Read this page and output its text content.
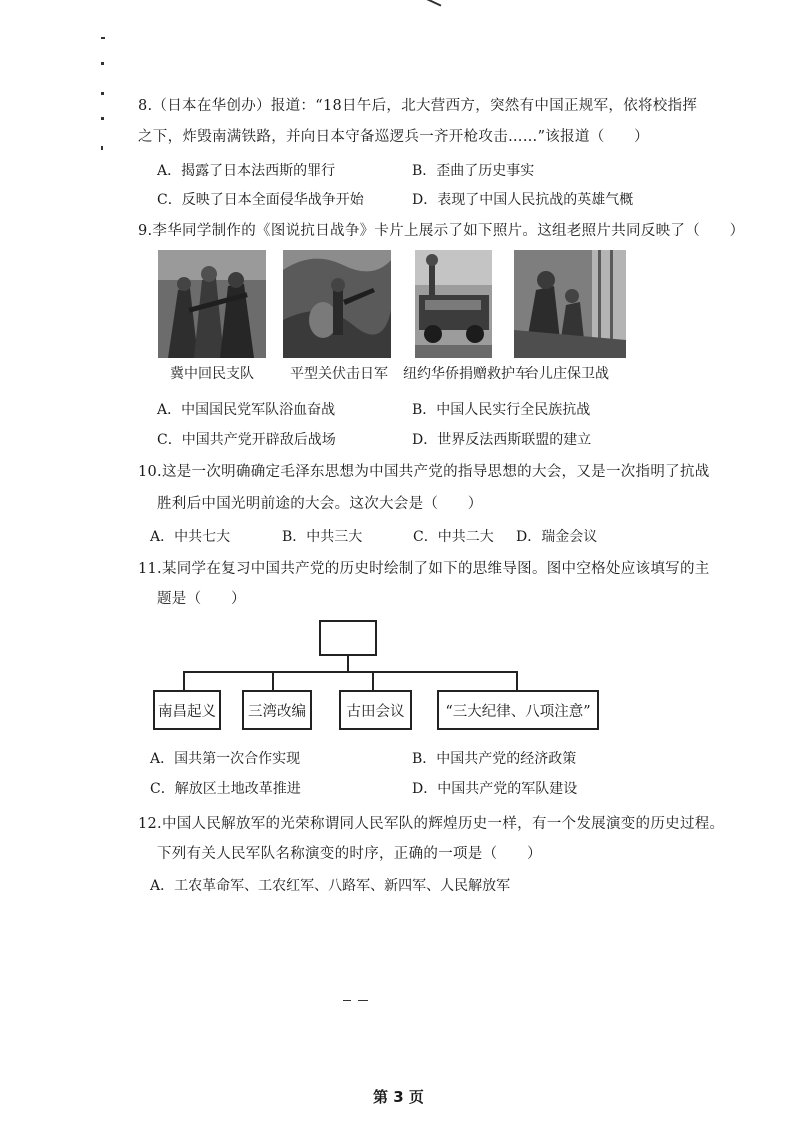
8.（日本在华创办）报道：“18日午后，北大营西方，突然有中国正规军，依将校指挥
之下，炸毁南满铁路，并向日本守备巡逻兵一齐开枪攻击……”该报道（　　）
A．揭露了日本法西斯的罪行	B．歪曲了历史事实
C．反映了日本全面侵华战争开始	D．表现了中国人民抗战的英雄气概
9.李华同学制作的《图说抗日战争》卡片上展示了如下照片。这组老照片共同反映了（　　）
冀中回民支队	平型关伏击日军 纽约华侨捐赠救护车
台儿庄保卫战
A．中国国民党军队浴血奋战	B．中国人民实行全民族抗战
C．中国共产党开辟敌后战场	D．世界反法西斯联盟的建立
10.这是一次明确确定毛泽东思想为中国共产党的指导思想的大会，又是一次指明了抗战
胜利后中国光明前途的大会。这次大会是（　　）
A．中共七大	B．中共三大	C．中共二大 D．瑞金会议
11.某同学在复习中国共产党的历史时绘制了如下的思维导图。图中空格处应该填写的主
题是（　　）
南昌起义	三湾改编	古田会议	“三大纪律、八项注意”
A．国共第一次合作实现	B．中国共产党的经济政策
C．解放区土地改革推进	D．中国共产党的军队建设
12.中国人民解放军的光荣称谓同人民军队的辉煌历史一样，有一个发展演变的历史过程。
下列有关人民军队名称演变的时序，正确的一项是（　　）
A．工农革命军、工农红军、八路军、新四军、人民解放军
第 3 页
